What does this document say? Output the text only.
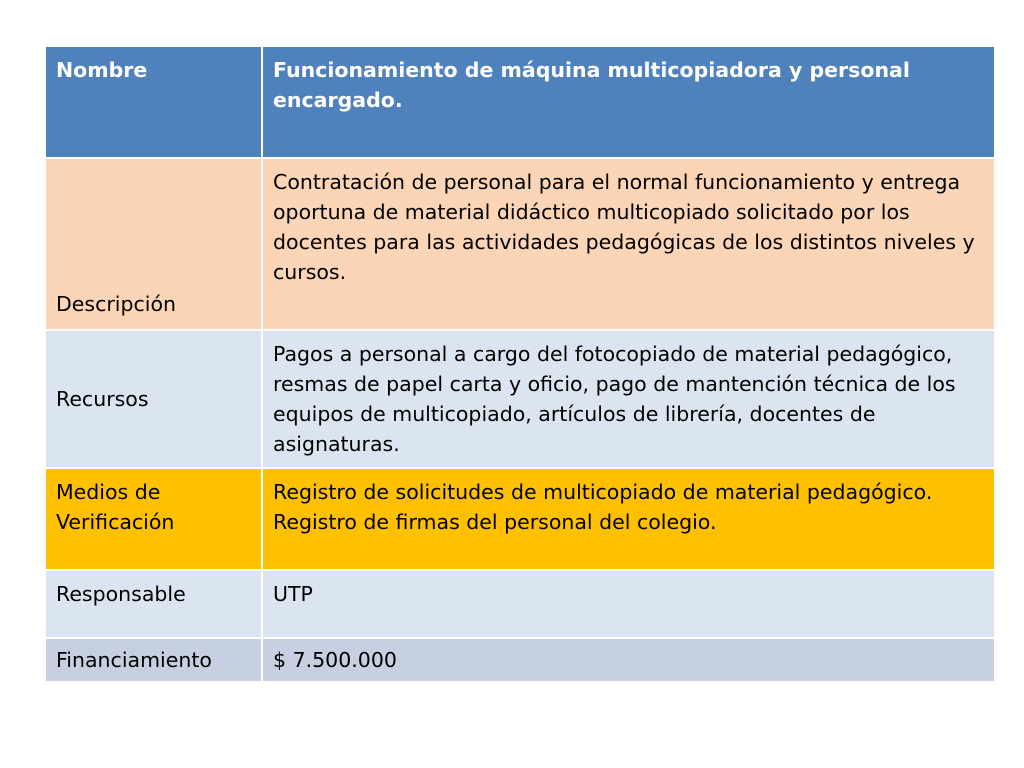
Nombre	Funcionamiento de máquina multicopiadora y personal encargado.
Descripción	Contratación de personal para el normal funcionamiento y entrega oportuna de material didáctico multicopiado solicitado por los docentes para las actividades pedagógicas de los distintos niveles y cursos.
Recursos	Pagos a personal a cargo del fotocopiado de material pedagógico, resmas de papel carta y oficio, pago de mantención técnica de los equipos de multicopiado, artículos de librería, docentes de asignaturas.
Medios de Verificación	Registro de solicitudes de multicopiado de material pedagógico. Registro de firmas del personal del colegio.
Responsable	UTP
Financiamiento	$ 7.500.000
